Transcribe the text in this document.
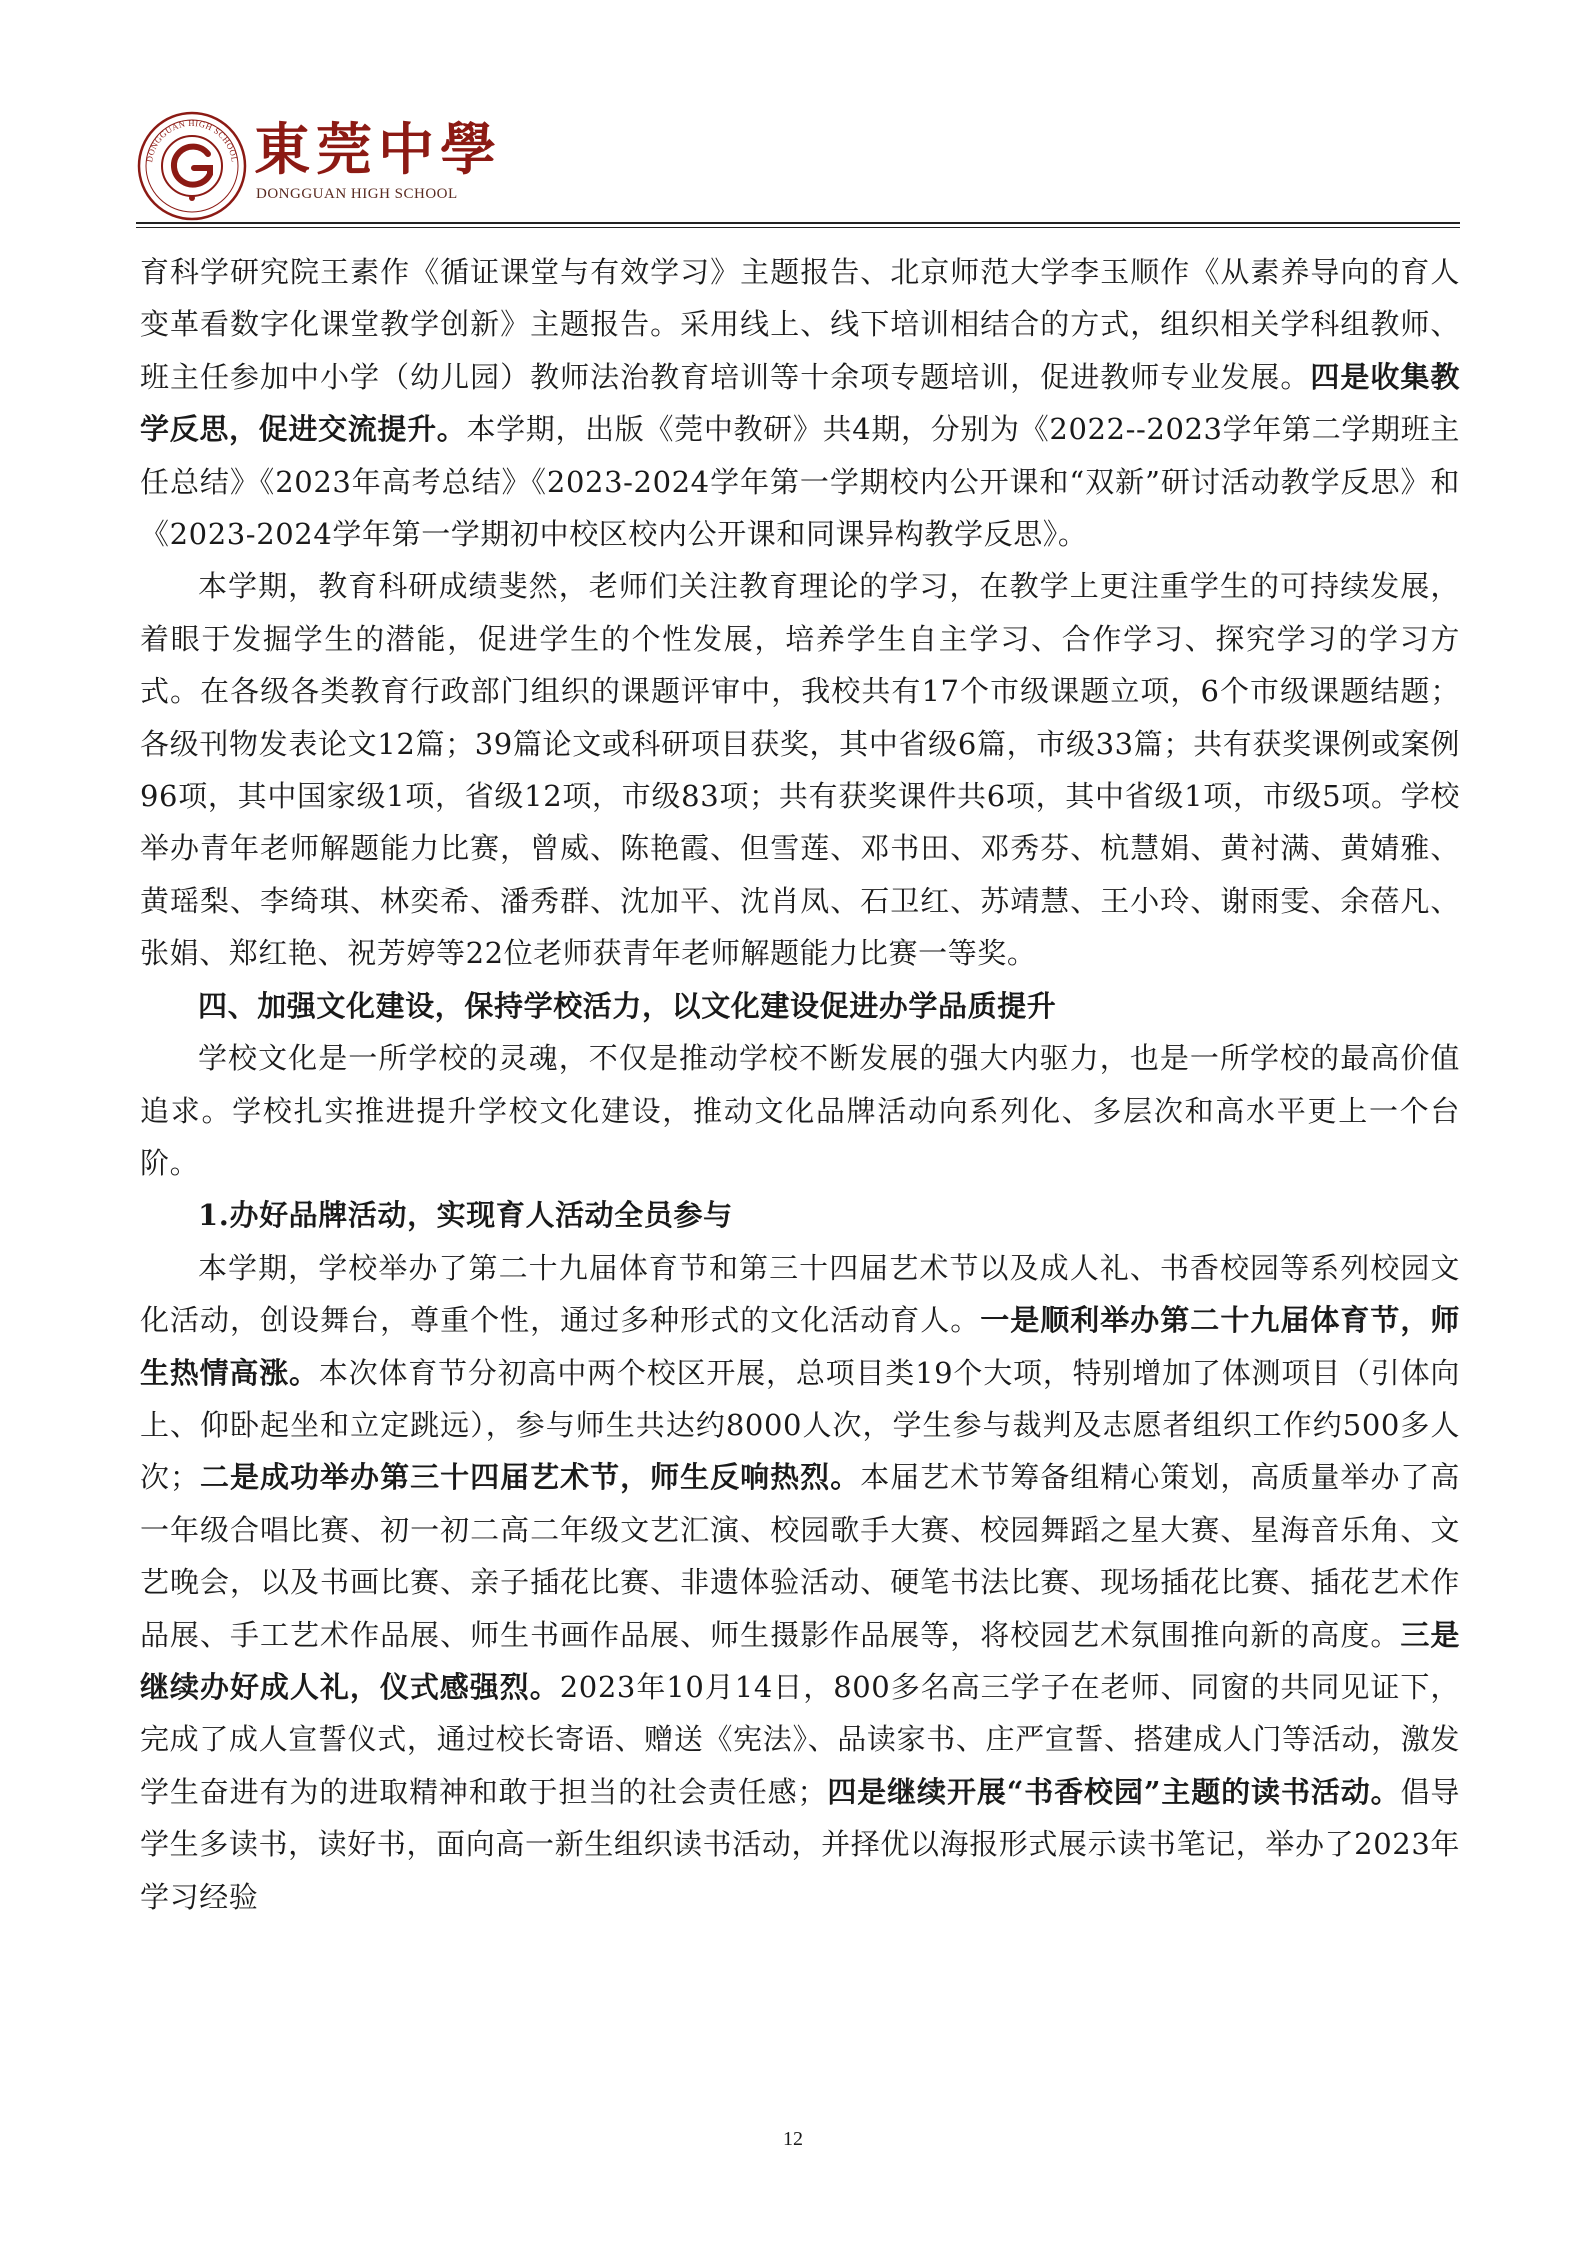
DONGGUAN HIGH SCHOOL 東莞中學
DONGGUAN HIGH SCHOOL

育科学研究院王素作《循证课堂与有效学习》主题报告、北京师范大学李玉顺作《从素养导向的育人变革看数字化课堂教学创新》主题报告。采用线上、线下培训相结合的方式，组织相关学科组教师、班主任参加中小学（幼儿园）教师法治教育培训等十余项专题培训，促进教师专业发展。四是收集教学反思，促进交流提升。本学期，出版《莞中教研》共4期，分别为《2022--2023学年第二学期班主任总结》《2023年高考总结》《2023-2024学年第一学期校内公开课和“双新”研讨活动教学反思》和《2023-2024学年第一学期初中校区校内公开课和同课异构教学反思》。

本学期，教育科研成绩斐然，老师们关注教育理论的学习，在教学上更注重学生的可持续发展，着眼于发掘学生的潜能，促进学生的个性发展，培养学生自主学习、合作学习、探究学习的学习方式。在各级各类教育行政部门组织的课题评审中，我校共有17个市级课题立项，6个市级课题结题；各级刊物发表论文12篇；39篇论文或科研项目获奖，其中省级6篇，市级33篇；共有获奖课例或案例96项，其中国家级1项，省级12项，市级83项；共有获奖课件共6项，其中省级1项，市级5项。学校举办青年老师解题能力比赛，曾威、陈艳霞、但雪莲、邓书田、邓秀芬、杭慧娟、黄衬满、黄婧雅、黄瑶梨、李绮琪、林奕希、潘秀群、沈加平、沈肖凤、石卫红、苏靖慧、王小玲、谢雨雯、余蓓凡、张娟、郑红艳、祝芳婷等22位老师获青年老师解题能力比赛一等奖。

四、加强文化建设，保持学校活力，以文化建设促进办学品质提升

学校文化是一所学校的灵魂，不仅是推动学校不断发展的强大内驱力，也是一所学校的最高价值追求。学校扎实推进提升学校文化建设，推动文化品牌活动向系列化、多层次和高水平更上一个台阶。

1.办好品牌活动，实现育人活动全员参与

本学期，学校举办了第二十九届体育节和第三十四届艺术节以及成人礼、书香校园等系列校园文化活动，创设舞台，尊重个性，通过多种形式的文化活动育人。一是顺利举办第二十九届体育节，师生热情高涨。本次体育节分初高中两个校区开展，总项目类19个大项，特别增加了体测项目（引体向上、仰卧起坐和立定跳远），参与师生共达约8000人次，学生参与裁判及志愿者组织工作约500多人次；二是成功举办第三十四届艺术节，师生反响热烈。本届艺术节筹备组精心策划，高质量举办了高一年级合唱比赛、初一初二高二年级文艺汇演、校园歌手大赛、校园舞蹈之星大赛、星海音乐角、文艺晚会，以及书画比赛、亲子插花比赛、非遗体验活动、硬笔书法比赛、现场插花比赛、插花艺术作品展、手工艺术作品展、师生书画作品展、师生摄影作品展等，将校园艺术氛围推向新的高度。三是继续办好成人礼，仪式感强烈。2023年10月14日，800多名高三学子在老师、同窗的共同见证下，完成了成人宣誓仪式，通过校长寄语、赠送《宪法》、品读家书、庄严宣誓、搭建成人门等活动，激发学生奋进有为的进取精神和敢于担当的社会责任感；四是继续开展“书香校园”主题的读书活动。倡导学生多读书，读好书，面向高一新生组织读书活动，并择优以海报形式展示读书笔记，举办了2023年学习经验

12
